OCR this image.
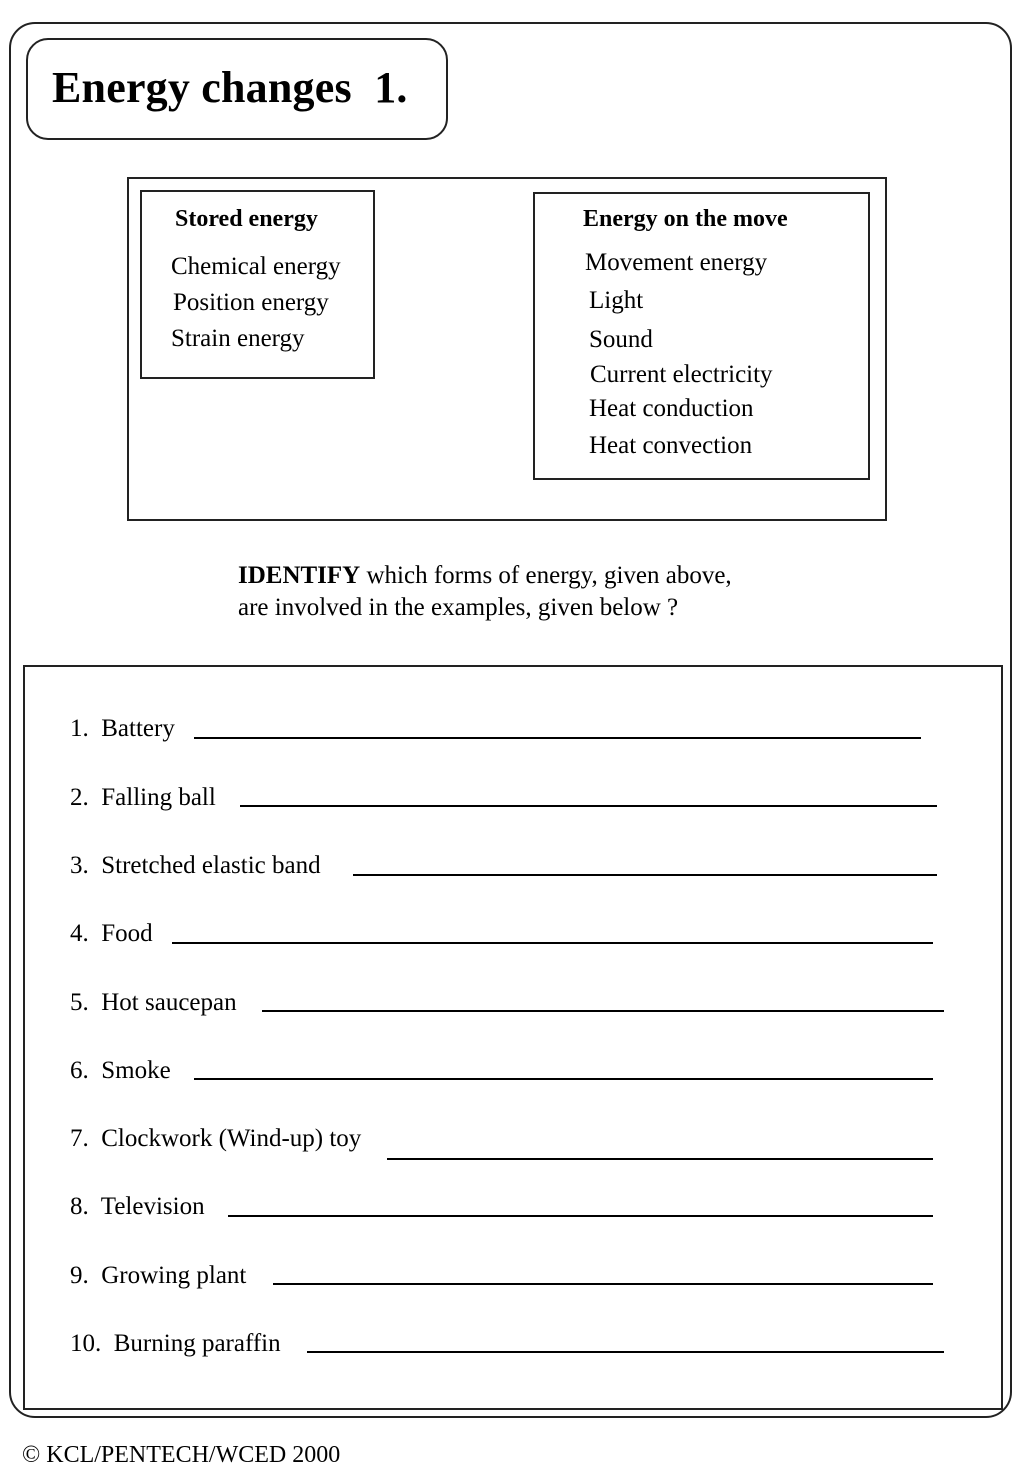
Energy changes  1.
Stored energy
Chemical energy
Position energy
Strain energy
Energy on the move
Movement energy
Light
Sound
Current electricity
Heat conduction
Heat convection
IDENTIFY which forms of energy, given above,
are involved in the examples, given below ?
1.  Battery
2.  Falling ball
3.  Stretched elastic band
4.  Food
5.  Hot saucepan
6.  Smoke
7.  Clockwork (Wind-up) toy
8.  Television
9.  Growing plant
10.  Burning paraffin
© KCL/PENTECH/WCED 2000
